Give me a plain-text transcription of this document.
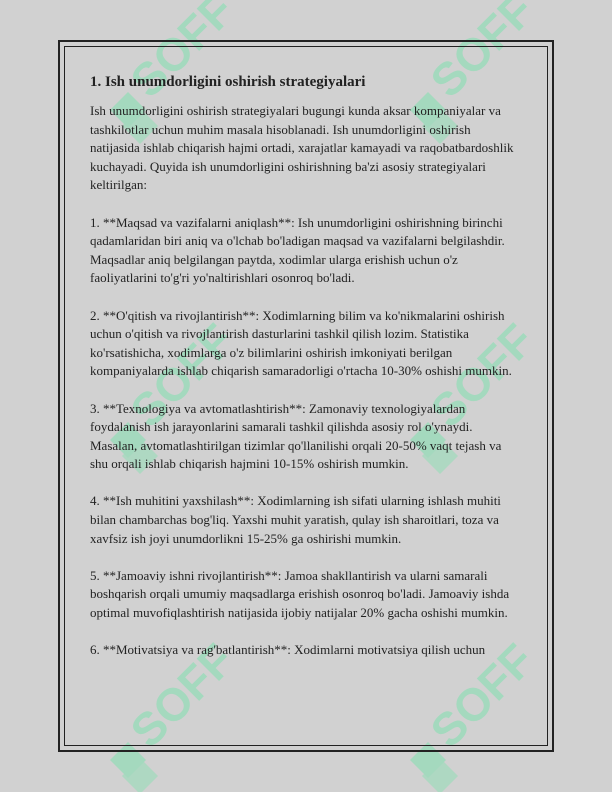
1. Ish unumdorligini oshirish strategiyalari

Ish unumdorligini oshirish strategiyalari bugungi kunda aksar kompaniyalar va tashkilotlar uchun muhim masala hisoblanadi. Ish unumdorligini oshirish natijasida ishlab chiqarish hajmi ortadi, xarajatlar kamayadi va raqobatbardoshlik kuchayadi. Quyida ish unumdorligini oshirishning ba'zi asosiy strategiyalari keltirilgan:

1. **Maqsad va vazifalarni aniqlash**: Ish unumdorligini oshirishning birinchi qadamlaridan biri aniq va o'lchab bo'ladigan maqsad va vazifalarni belgilashdir. Maqsadlar aniq belgilangan paytda, xodimlar ularga erishish uchun o'z faoliyatlarini to'g'ri yo'naltirishlari osonroq bo'ladi.

2. **O'qitish va rivojlantirish**: Xodimlarning bilim va ko'nikmalarini oshirish uchun o'qitish va rivojlantirish dasturlarini tashkil qilish lozim. Statistika ko'rsatishicha, xodimlarga o'z bilimlarini oshirish imkoniyati berilgan kompaniyalarda ishlab chiqarish samaradorligi o'rtacha 10-30% oshishi mumkin.

3. **Texnologiya va avtomatlashtirish**: Zamonaviy texnologiyalardan foydalanish ish jarayonlarini samarali tashkil qilishda asosiy rol o'ynaydi. Masalan, avtomatlashtirilgan tizimlar qo'llanilishi orqali 20-50% vaqt tejash va shu orqali ishlab chiqarish hajmini 10-15% oshirish mumkin.

4. **Ish muhitini yaxshilash**: Xodimlarning ish sifati ularning ishlash muhiti bilan chambarchas bog'liq. Yaxshi muhit yaratish, qulay ish sharoitlari, toza va xavfsiz ish joyi unumdorlikni 15-25% ga oshirishi mumkin.

5. **Jamoaviy ishni rivojlantirish**: Jamoa shakllantirish va ularni samarali boshqarish orqali umumiy maqsadlarga erishish osonroq bo'ladi. Jamoaviy ishda optimal muvofiqlashtirish natijasida ijobiy natijalar 20% gacha oshishi mumkin.

6. **Motivatsiya va rag'batlantirish**: Xodimlarni motivatsiya qilish uchun
